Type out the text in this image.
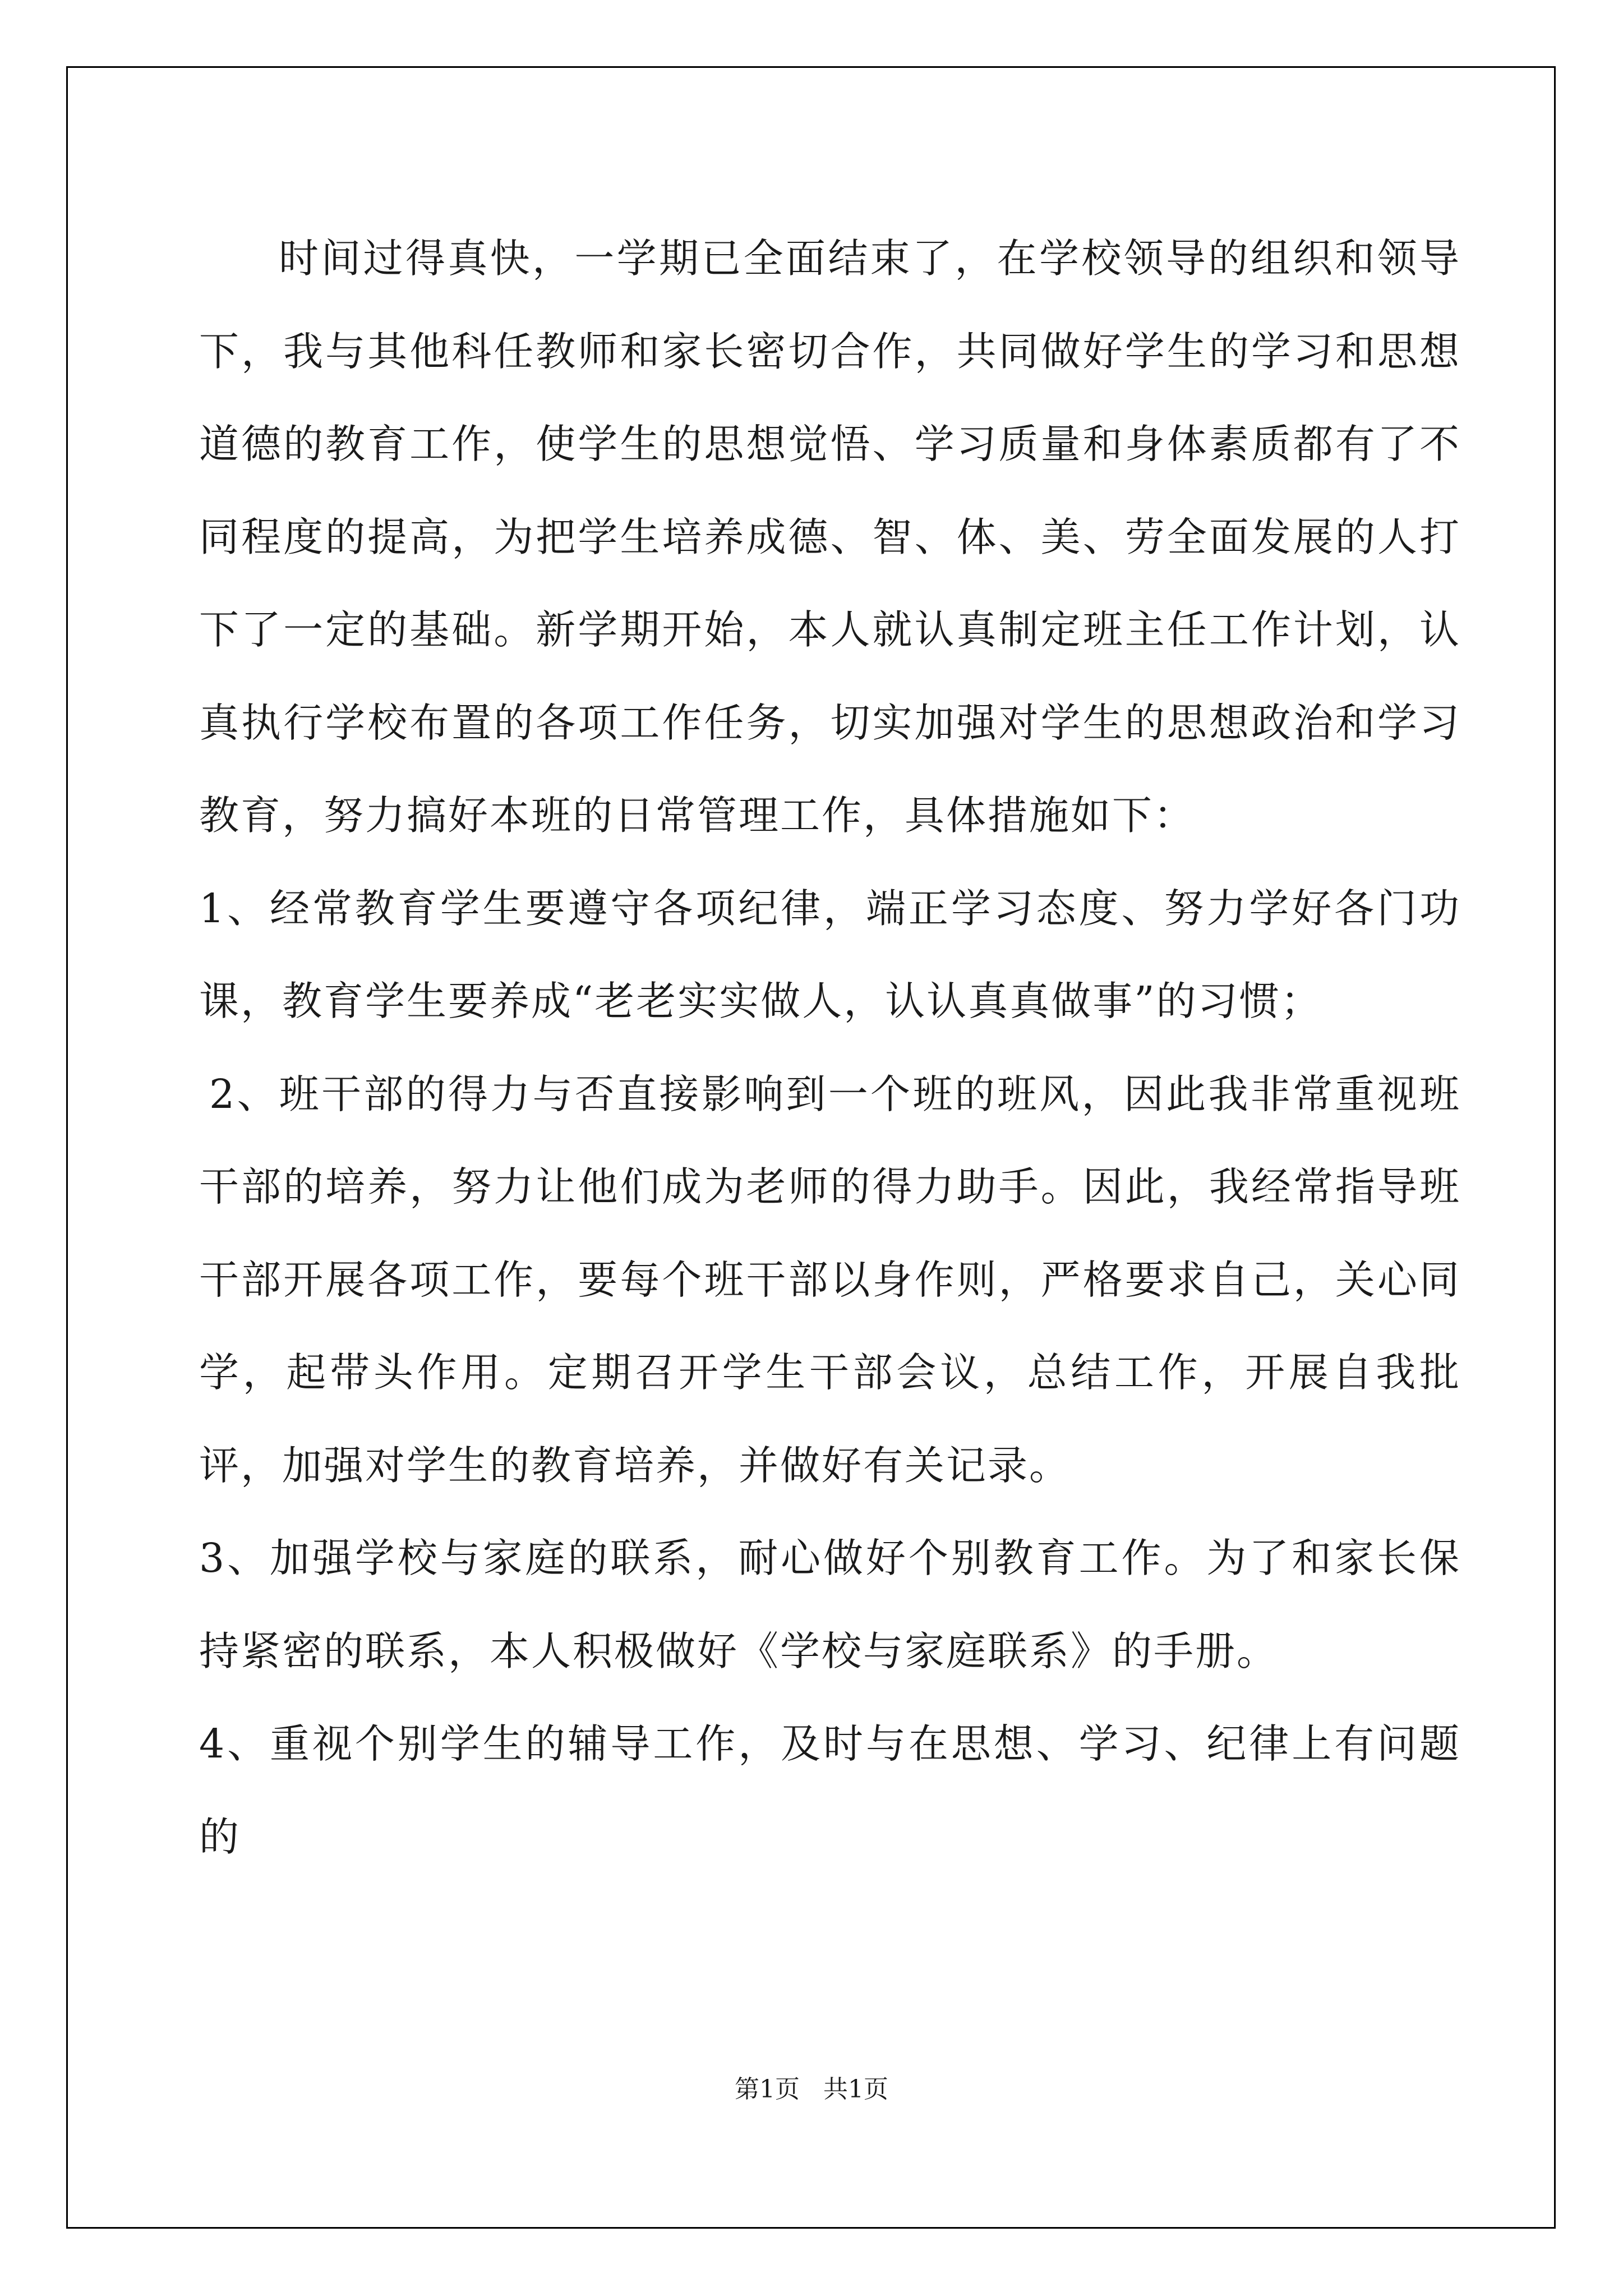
时间过得真快，一学期已全面结束了，在学校领导的组织和领导下，我与其他科任教师和家长密切合作，共同做好学生的学习和思想道德的教育工作，使学生的思想觉悟、学习质量和身体素质都有了不同程度的提高，为把学生培养成德、智、体、美、劳全面发展的人打下了一定的基础。新学期开始，本人就认真制定班主任工作计划，认真执行学校布置的各项工作任务，切实加强对学生的思想政治和学习教育，努力搞好本班的日常管理工作，具体措施如下：

1、经常教育学生要遵守各项纪律，端正学习态度、努力学好各门功课，教育学生要养成“老老实实做人，认认真真做事”的习惯；

2、班干部的得力与否直接影响到一个班的班风，因此我非常重视班干部的培养，努力让他们成为老师的得力助手。因此，我经常指导班干部开展各项工作，要每个班干部以身作则，严格要求自己，关心同学，起带头作用。定期召开学生干部会议，总结工作，开展自我批评，加强对学生的教育培养，并做好有关记录。

3、加强学校与家庭的联系，耐心做好个别教育工作。为了和家长保持紧密的联系，本人积极做好《学校与家庭联系》的手册。

4、重视个别学生的辅导工作，及时与在思想、学习、纪律上有问题的

第1页   共1页
